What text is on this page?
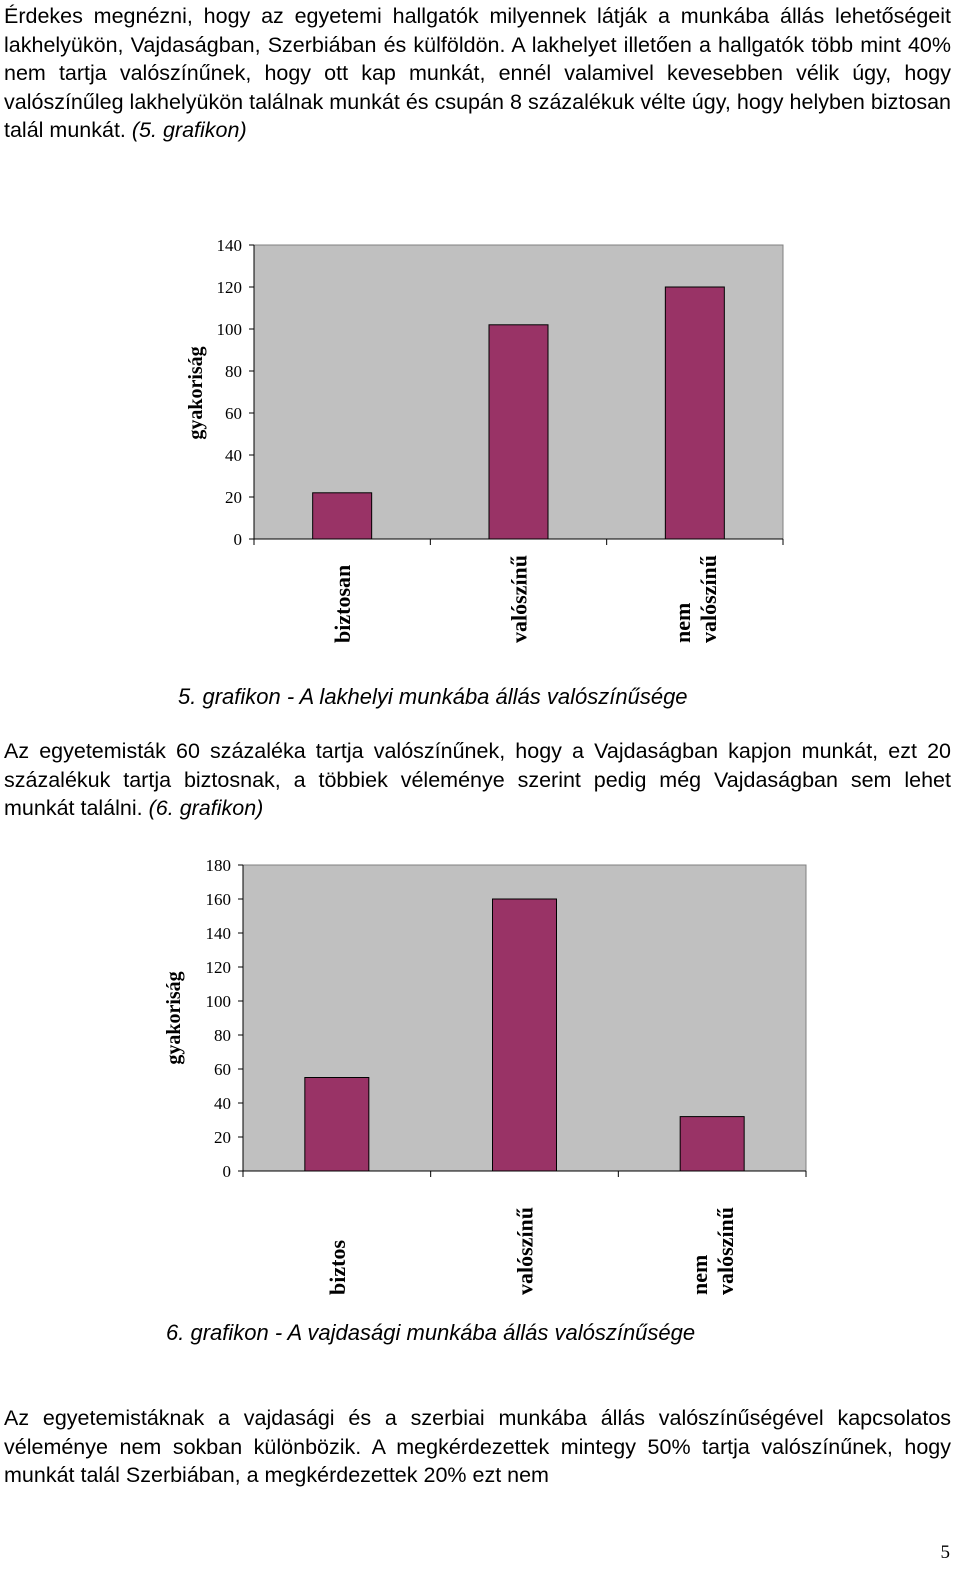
Érdekes megnézni, hogy az egyetemi hallgatók milyennek látják a munkába állás lehetőségeit lakhelyükön, Vajdaságban, Szerbiában és külföldön. A lakhelyet illetően a hallgatók több mint 40% nem tartja valószínűnek, hogy ott kap munkát, ennél valamivel kevesebben vélik úgy, hogy valószínűleg lakhelyükön találnak munkát és csupán 8 százalékuk vélte úgy, hogy helyben biztosan talál munkát. (5. grafikon)

0
20
40
60
80
100
120
140
biztosan	valószínű	nem valószínű
gyakoriság
5. grafikon - A lakhelyi munkába állás valószínűsége

Az egyetemisták 60 százaléka tartja valószínűnek, hogy a Vajdaságban kapjon munkát, ezt 20 százalékuk tartja biztosnak, a többiek véleménye szerint pedig még Vajdaságban sem lehet munkát találni. (6. grafikon)

0
20
40
60
80
100
120
140
160
180
biztos	valószínű	nem valószínű
gyakoriság
6. grafikon - A vajdasági munkába állás valószínűsége

Az egyetemistáknak a vajdasági és a szerbiai munkába állás valószínűségével kapcsolatos véleménye nem sokban különbözik. A megkérdezettek mintegy 50% tartja valószínűnek, hogy munkát talál Szerbiában, a megkérdezettek 20% ezt nem

5
